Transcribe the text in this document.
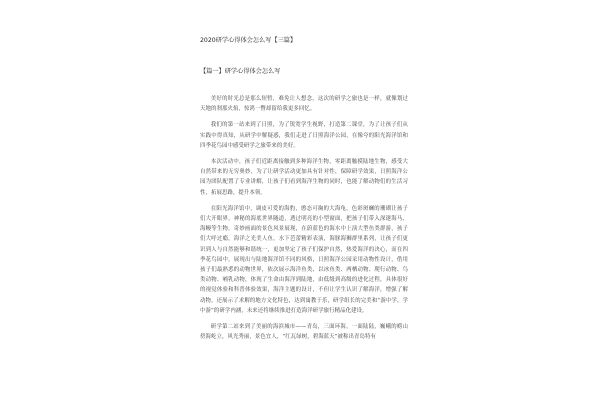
2020研学心得体会怎么写【三篇】
【篇一】研学心得体会怎么写

美好的时光总是那么短暂，难免让人想念，这次的研学之旅也是一样，就像划过天地的刹那火焰，惊鸿一瞥却留给我更多回忆。

我们的第一站来到了日照，为了锐宽学生视野，打造第二课堂，为了让孩子们从实践中得真知，从研学中解疑惑，我们走进了日照海洋公园，在像夸的阳光海洋馆和四季花鸟园中感受研学之旅带来的美好。

本次活动中，孩子们近距离接触到多种海洋生物，零距离触摸陆地生物，感受大自然带来的无穷奥妙，为了让研学活动更加具有针对性，保障研学效果，日照海洋公园为团队配置了专业讲解，让孩子们看到海洋生物的同时，也能了解动物们的生活习性，拓展思路，提升本领。

在阳光海洋馆中，调皮可爱的海豹，憨态可掬的大海龟，色彩斑斓的珊瑚让孩子们大开眼界，神秘的海底世界隧道，透过明亮的小型窗面，把孩子们带入深邃海马、海鳗等生物，奇妙画面的景色风景展现，在蔚蓝色的海水中上演大型鱼类群游，孩子们大呼过瘾，海洋之光美人鱼，水下芭蕾精彩表演，海豚海狮群里系列，让孩子们更识到人与自然能够和谐统一，更加坚定了孩子们保护自然，热爱海洋的决心，而在四季花鸟园中，展现出与陆地海洋馆不同的风格，日照海洋公园采用动物性设计，借用孩子们最熟悉的动物世界，依次展示海洋鱼类、以冰鱼类、两栖动物、爬行动物、鸟类动物、哺乳动物，体现了生命由海洋到陆地，由低级到高级的进化过程，具体很好的视觉体验和科普体验效果，海洋主题的设计，不但让学生认识了解海洋，增强了解动物，还展示了求解的地方文化特色，达到寓教于乐，研学组长的完美和“游中学，学中游”的研学内涵，未来还将继续推进打造海洋研学旅行精品化建设。

研学第二站来到了美丽的海滨城市——青岛，三面环海，一面陆陆，巍峨的崂山傍海屹立，风光秀丽，景色宜人，“红瓦绿树，碧海蓝天”被称出青岛特有
